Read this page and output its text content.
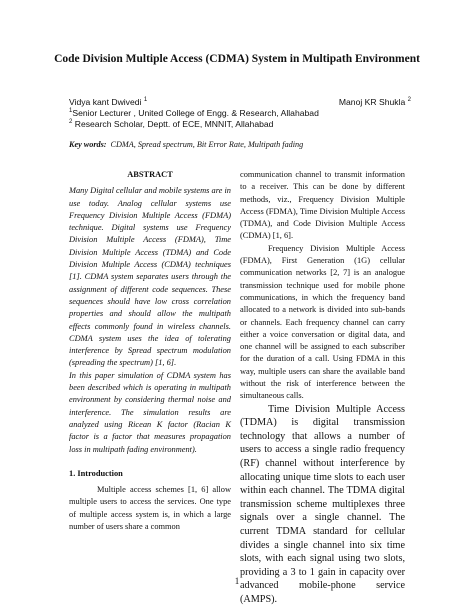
Code Division Multiple Access (CDMA) System in Multipath Environment
Vidya kant Dwivedi $^1$	Manoj KR Shukla $^2$
$^1$Senior Lecturer , United College of Engg. & Research, Allahabad
$^2$ Research Scholar, Deptt. of ECE, MNNIT, Allahabad
Key words: CDMA, Spread spectrum, Bit Error Rate, Multipath fading
ABSTRACT

Many Digital cellular and mobile systems are in use today. Analog cellular systems use Frequency Division Multiple Access (FDMA) technique. Digital systems use Frequency Division Multiple Access (FDMA), Time Division Multiple Access (TDMA) and Code Division Multiple Access (CDMA) techniques [1]. CDMA system separates users through the assignment of different code sequences. These sequences should have low cross correlation properties and should allow the multipath effects commonly found in wireless channels. CDMA system uses the idea of tolerating interference by Spread spectrum modulation (spreading the spectrum) [1, 6].

In this paper simulation of CDMA system has been described which is operating in multipath environment by considering thermal noise and interference. The simulation results are analyzed using Ricean K factor (Racian K factor is a factor that measures propagation loss in multipath fading environment).

1. Introduction

Multiple access schemes [1, 6] allow multiple users to access the services. One type of multiple access system is, in which a large number of users share a common

communication channel to transmit information to a receiver. This can be done by different methods, viz., Frequency Division Multiple Access (FDMA), Time Division Multiple Access (TDMA), and Code Division Multiple Access (CDMA) [1, 6].

Frequency Division Multiple Access (FDMA), First Generation (1G) cellular communication networks [2, 7] is an analogue transmission technique used for mobile phone communications, in which the frequency band allocated to a network is divided into sub-bands or channels. Each frequency channel can carry either a voice conversation or digital data, and one channel will be assigned to each subscriber for the duration of a call. Using FDMA in this way, multiple users can share the available band without the risk of interference between the simultaneous calls.

Time Division Multiple Access (TDMA) is digital transmission technology that allows a number of users to access a single radio frequency (RF) channel without interference by allocating unique time slots to each user within each channel. The TDMA digital transmission scheme multiplexes three signals over a single channel. The current TDMA standard for cellular divides a single channel into six time slots, with each signal using two slots, providing a 3 to 1 gain in capacity over advanced mobile-phone service (AMPS).

1
